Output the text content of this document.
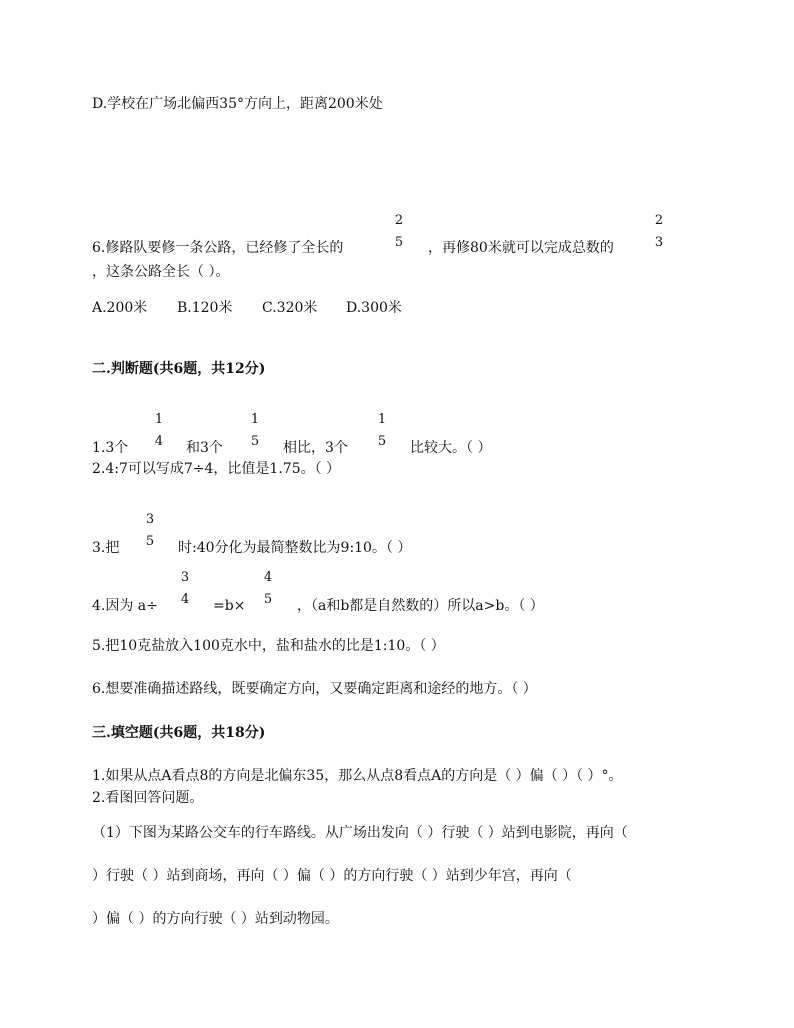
D.学校在广场北偏西35°方向上，距离200米处
6.修路队要修一条公路，已经修了全长的
2
5	，再修80米就可以完成总数的
2
3
，这条公路全长（ ）。
A.200米 B.120米 C.320米 D.300米
二.判断题(共6题，共12分)
1.3个
1
4	和3个
1
5	相比，3个
1
5	比较大。（ ）
2.4:7可以写成7÷4，比值是1.75。（ ）
3.把
3
5	时:40分化为最简整数比为9:10。（ ）
4.因为 a÷
3
4	=b×
4
5	，（a和b都是自然数的）所以a>b。（ ）
5.把10克盐放入100克水中，盐和盐水的比是1:10。（ ）
6.想要准确描述路线，既要确定方向，又要确定距离和途经的地方。（ ）
三.填空题(共6题，共18分)
1.如果从点A看点8的方向是北偏东35，那么从点8看点A的方向是（ ）偏（ ）（ ）°。
2.看图回答问题。
（1）下图为某路公交车的行车路线。从广场出发向（ ）行驶（ ）站到电影院，再向（
）行驶（ ）站到商场，再向（ ）偏（ ）的方向行驶（ ）站到少年宫，再向（
）偏（ ）的方向行驶（ ）站到动物园。
